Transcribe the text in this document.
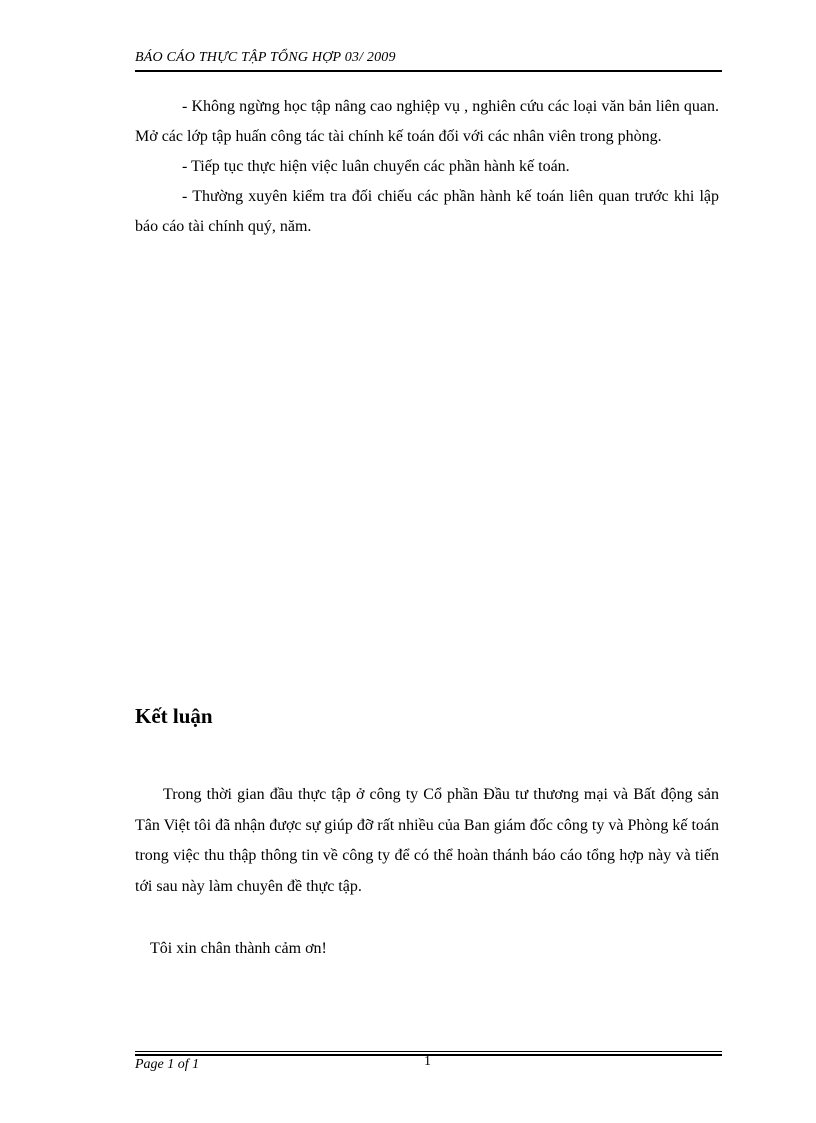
BÁO CÁO THỰC TẬP TỔNG HỢP 03/ 2009

- Không ngừng học tập nâng cao nghiệp vụ , nghiên cứu các loại văn bản liên quan. Mở các lớp tập huấn công tác tài chính kế toán đối với các nhân viên trong phòng.

- Tiếp tục thực hiện việc luân chuyển các phần hành kế toán.

- Thường xuyên kiểm tra đối chiếu các phần hành kế toán liên quan trước khi lập báo cáo tài chính quý, năm.

Kết luận

Trong thời gian đầu thực tập ở công ty Cổ phần Đầu tư thương mại và Bất động sản Tân Việt tôi đã nhận được sự giúp đỡ rất nhiều của Ban giám đốc công ty và Phòng kế toán trong việc thu thập thông tin về công ty để có thể hoàn thánh báo cáo tổng hợp này và tiến tới sau này làm chuyên đề thực tập.

Tôi xin chân thành cảm ơn!
Page 1 of 1	1
